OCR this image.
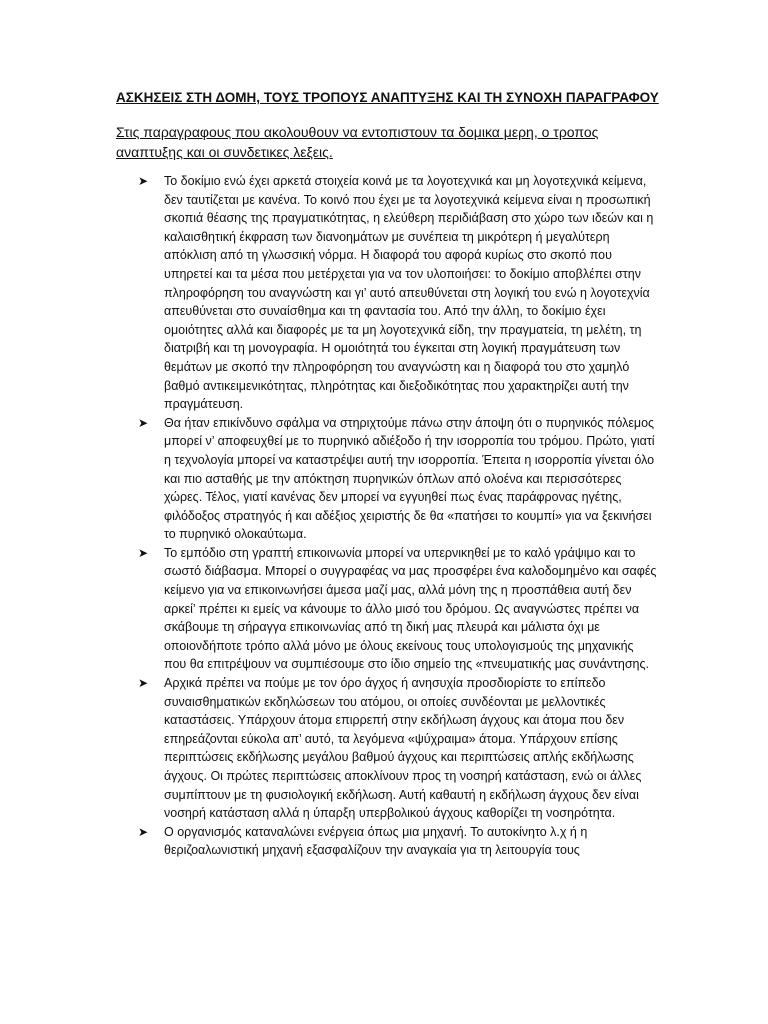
ΑΣΚΗΣΕΙΣ ΣΤΗ ΔΟΜΗ, ΤΟΥΣ ΤΡΟΠΟΥΣ ΑΝΑΠΤΥΞΗΣ ΚΑΙ ΤΗ ΣΥΝΟΧΗ ΠΑΡΑΓΡΑΦΟΥ
Στις παραγραφους που ακολουθουν να εντοπιστουν τα δομικα μερη, ο τροπος αναπτυξης και οι συνδετικες λεξεις.
➤	Το δοκίμιο ενώ έχει αρκετά στοιχεία κοινά με τα λογοτεχνικά και μη λογοτεχνικά κείμενα, δεν ταυτίζεται με κανένα. Το κοινό που έχει με τα λογοτεχνικά κείμενα είναι η προσωπική σκοπιά θέασης της πραγματικότητας, η ελεύθερη περιδιάβαση στο χώρο των ιδεών και η καλαισθητική έκφραση των διανοημάτων με συνέπεια τη μικρότερη ή μεγαλύτερη απόκλιση από τη γλωσσική νόρμα. Η διαφορά του αφορά κυρίως στο σκοπό που υπηρετεί και τα μέσα που μετέρχεται για να τον υλοποιήσει: το δοκίμιο αποβλέπει στην πληροφόρηση του αναγνώστη και γι’ αυτό απευθύνεται στη λογική του ενώ η λογοτεχνία απευθύνεται στο συναίσθημα και τη φαντασία του. Από την άλλη, το δοκίμιο έχει ομοιότητες αλλά και διαφορές με τα μη λογοτεχνικά είδη, την πραγματεία, τη μελέτη, τη διατριβή και τη μονογραφία. Η ομοιότητά του έγκειται στη λογική πραγμάτευση των θεμάτων με σκοπό την πληροφόρηση του αναγνώστη και η διαφορά του στο χαμηλό βαθμό αντικειμενικότητας, πληρότητας και διεξοδικότητας που χαρακτηρίζει αυτή την πραγμάτευση.
➤	Θα ήταν επικίνδυνο σφάλμα να στηριχτούμε πάνω στην άποψη ότι ο πυρηνικός πόλεμος μπορεί ν’ αποφευχθεί με το πυρηνικό αδιέξοδο ή την ισορροπία του τρόμου. Πρώτο, γιατί η τεχνολογία μπορεί να καταστρέψει αυτή την ισορροπία. Έπειτα η ισορροπία γίνεται όλο και πιο ασταθής με την απόκτηση πυρηνικών όπλων από ολοένα και περισσότερες χώρες. Τέλος, γιατί κανένας δεν μπορεί να εγγυηθεί πως ένας παράφρονας ηγέτης, φιλόδοξος στρατηγός ή και αδέξιος χειριστής δε θα «πατήσει το κουμπί» για να ξεκινήσει το πυρηνικό ολοκαύτωμα.
➤	Το εμπόδιο στη γραπτή επικοινωνία μπορεί να υπερνικηθεί με το καλό γράψιμο και το σωστό διάβασμα. Μπορεί ο συγγραφέας να μας προσφέρει ένα καλοδομημένο και σαφές κείμενο για να επικοινωνήσει άμεσα μαζί μας, αλλά μόνη της η προσπάθεια αυτή δεν αρκεί’ πρέπει κι εμείς να κάνουμε το άλλο μισό του δρόμου. Ως αναγνώστες πρέπει να σκάβουμε τη σήραγγα επικοινωνίας από τη δική μας πλευρά και μάλιστα όχι με οποιονδήποτε τρόπο αλλά μόνο με όλους εκείνους τους υπολογισμούς της μηχανικής που θα επιτρέψουν να συμπιέσουμε στο ίδιο σημείο της «πνευματικής μας συνάντησης.
➤	Αρχικά πρέπει να πούμε με τον όρο άγχος ή ανησυχία προσδιορίστε το επίπεδο συναισθηματικών εκδηλώσεων του ατόμου, οι οποίες συνδέονται με μελλοντικές καταστάσεις. Υπάρχουν άτομα επιρρεπή στην εκδήλωση άγχους και άτομα που δεν επηρεάζονται εύκολα απ’ αυτό, τα λεγόμενα «ψύχραιμα» άτομα. Υπάρχουν επίσης περιπτώσεις εκδήλωσης μεγάλου βαθμού άγχους και περιπτώσεις απλής εκδήλωσης άγχους. Οι πρώτες περιπτώσεις αποκλίνουν προς τη νοσηρή κατάσταση, ενώ οι άλλες συμπίπτουν με τη φυσιολογική εκδήλωση. Αυτή καθαυτή η εκδήλωση άγχους δεν είναι νοσηρή κατάσταση αλλά η ύπαρξη υπερβολικού άγχους καθορίζει τη νοσηρότητα.
➤	Ο οργανισμός καταναλώνει ενέργεια όπως μια μηχανή. Το αυτοκίνητο λ.χ ή η θεριζοαλωνιστική μηχανή εξασφαλίζουν την αναγκαία για τη λειτουργία τους
